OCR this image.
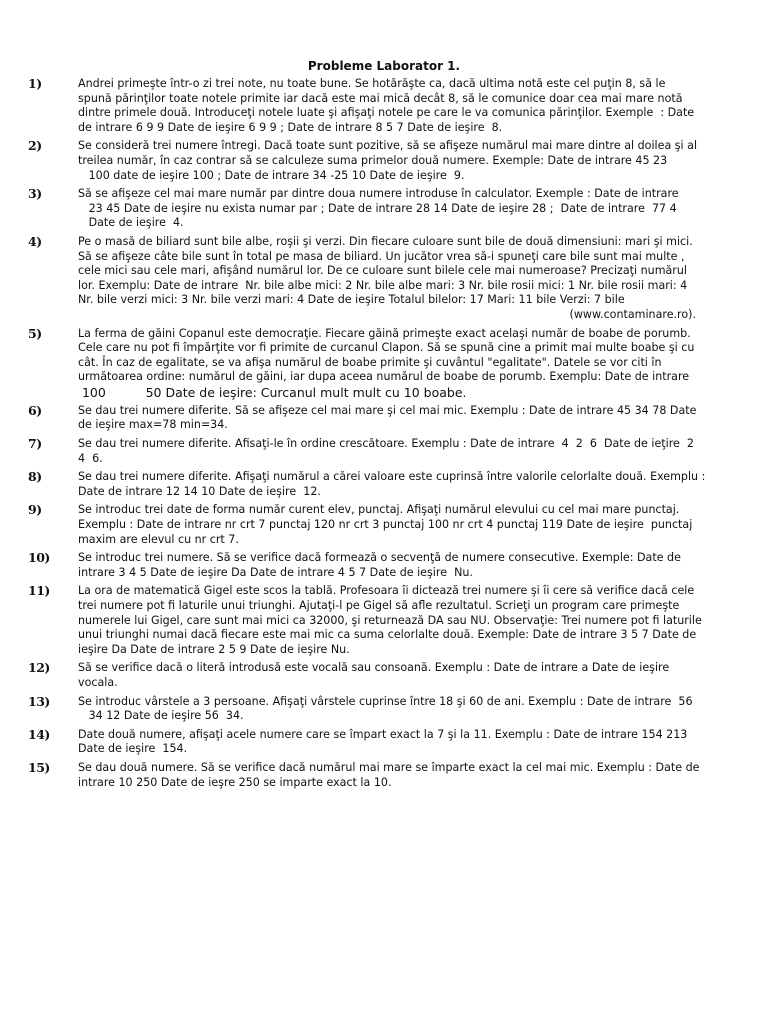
Probleme Laborator 1.
1)	Andrei primeşte într-o zi trei note, nu toate bune. Se hotărăşte ca, dacă ultima notă este cel puţin 8, să le
spună părinţilor toate notele primite iar dacă este mai mică decât 8, să le comunice doar cea mai mare notă
dintre primele două. Introduceţi notele luate şi afişaţi notele pe care le va comunica părinţilor. Exemple  : Date
de intrare 6 9 9 Date de ieşire 6 9 9 ; Date de intrare 8 5 7 Date de ieşire  8.
2)	Se consideră trei numere întregi. Dacă toate sunt pozitive, să se afişeze numărul mai mare dintre al doilea şi al
treilea număr, în caz contrar să se calculeze suma primelor două numere. Exemple: Date de intrare 45 23
100 date de ieşire 100 ; Date de intrare 34 -25 10 Date de ieşire  9.
3)	Să se afişeze cel mai mare număr par dintre doua numere introduse în calculator. Exemple : Date de intrare
23 45 Date de ieşire nu exista numar par ; Date de intrare 28 14 Date de ieşire 28 ;  Date de intrare  77 4
Date de ieşire  4.
4)	Pe o masă de biliard sunt bile albe, roşii şi verzi. Din fiecare culoare sunt bile de două dimensiuni: mari şi mici.
Să se afişeze câte bile sunt în total pe masa de biliard. Un jucător vrea să-i spuneţi care bile sunt mai multe ,
cele mici sau cele mari, afişând numărul lor. De ce culoare sunt bilele cele mai numeroase? Precizaţi numărul
lor. Exemplu: Date de intrare  Nr. bile albe mici: 2 Nr. bile albe mari: 3 Nr. bile rosii mici: 1 Nr. bile rosii mari: 4
Nr. bile verzi mici: 3 Nr. bile verzi mari: 4 Date de ieşire Totalul bilelor: 17 Mari: 11 bile Verzi: 7 bile
(www.contaminare.ro).
5)	La ferma de găini Copanul este democraţie. Fiecare găină primeşte exact acelaşi număr de boabe de porumb.
Cele care nu pot fi împărţite vor fi primite de curcanul Clapon. Să se spună cine a primit mai multe boabe şi cu
cât. În caz de egalitate, se va afişa numărul de boabe primite şi cuvântul "egalitate". Datele se vor citi în
următoarea ordine: numărul de găini, iar dupa aceea numărul de boabe de porumb. Exemplu: Date de intrare
100          50 Date de ieşire: Curcanul mult mult cu 10 boabe.
6)	Se dau trei numere diferite. Să se afişeze cel mai mare şi cel mai mic. Exemplu : Date de intrare 45 34 78 Date
de ieşire max=78 min=34.
7)	Se dau trei numere diferite. Afisaţi-le în ordine crescătoare. Exemplu : Date de intrare  4  2  6  Date de ieţire  2
4  6.
8)	Se dau trei numere diferite. Afişaţi numărul a cărei valoare este cuprinsă între valorile celorlalte două. Exemplu :
Date de intrare 12 14 10 Date de ieşire  12.
9)	Se introduc trei date de forma număr curent elev, punctaj. Afişaţi numărul elevului cu cel mai mare punctaj.
Exemplu : Date de intrare nr crt 7 punctaj 120 nr crt 3 punctaj 100 nr crt 4 punctaj 119 Date de ieşire  punctaj
maxim are elevul cu nr crt 7.
10)	Se introduc trei numere. Să se verifice dacă formează o secvenţă de numere consecutive. Exemple: Date de
intrare 3 4 5 Date de ieşire Da Date de intrare 4 5 7 Date de ieşire  Nu.
11)	La ora de matematică Gigel este scos la tablă. Profesoara îi dictează trei numere şi îi cere să verifice dacă cele
trei numere pot fi laturile unui triunghi. Ajutaţi-l pe Gigel să afle rezultatul. Scrieţi un program care primeşte
numerele lui Gigel, care sunt mai mici ca 32000, şi returnează DA sau NU. Observaţie: Trei numere pot fi laturile
unui triunghi numai dacă fiecare este mai mic ca suma celorlalte două. Exemple: Date de intrare 3 5 7 Date de
ieşire Da Date de intrare 2 5 9 Date de ieşire Nu.
12)	Să se verifice dacă o literă introdusă este vocală sau consoană. Exemplu : Date de intrare a Date de ieşire
vocala.
13)	Se introduc vârstele a 3 persoane. Afişaţi vârstele cuprinse între 18 şi 60 de ani. Exemplu : Date de intrare  56
34 12 Date de ieşire 56  34.
14)	Date două numere, afişaţi acele numere care se împart exact la 7 şi la 11. Exemplu : Date de intrare 154 213
Date de ieşire  154.
15)	Se dau două numere. Să se verifice dacă numărul mai mare se împarte exact la cel mai mic. Exemplu : Date de
intrare 10 250 Date de ieşre 250 se imparte exact la 10.
